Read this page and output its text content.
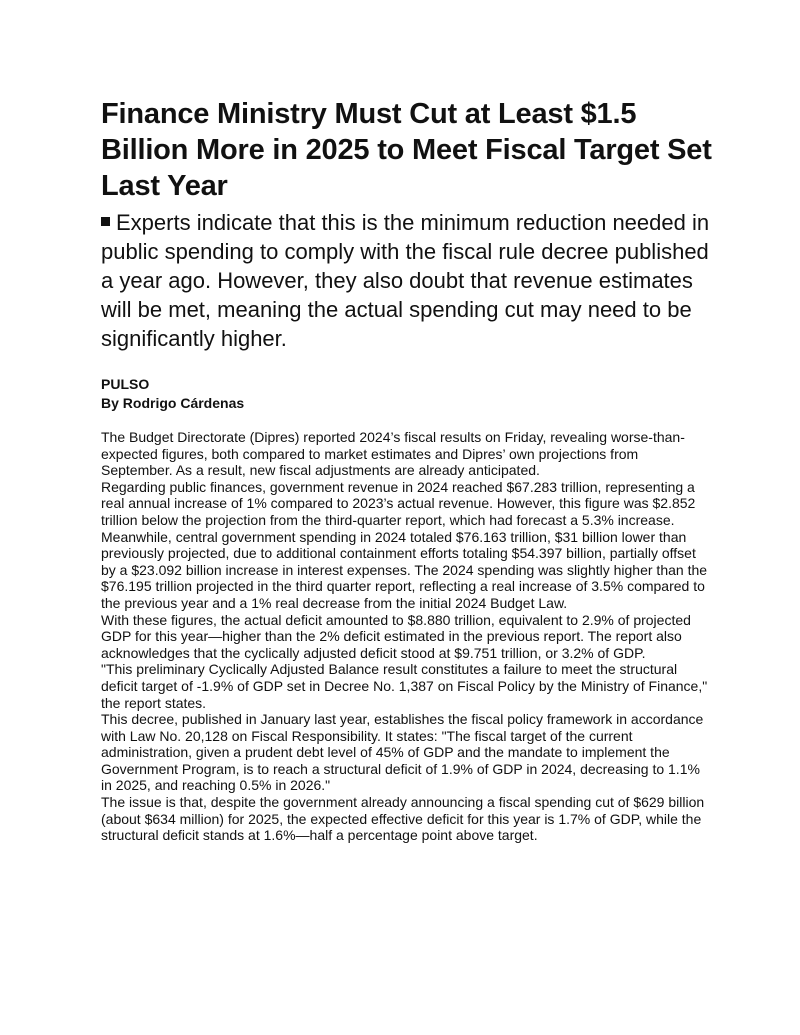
Finance Ministry Must Cut at Least $1.5 Billion More in 2025 to Meet Fiscal Target Set Last Year
Experts indicate that this is the minimum reduction needed in public spending to comply with the fiscal rule decree published a year ago. However, they also doubt that revenue estimates will be met, meaning the actual spending cut may need to be significantly higher.
PULSO
By Rodrigo Cárdenas

The Budget Directorate (Dipres) reported 2024’s fiscal results on Friday, revealing worse-than-expected figures, both compared to market estimates and Dipres’ own projections from September. As a result, new fiscal adjustments are already anticipated.

Regarding public finances, government revenue in 2024 reached $67.283 trillion, representing a real annual increase of 1% compared to 2023’s actual revenue. However, this figure was $2.852 trillion below the projection from the third-quarter report, which had forecast a 5.3% increase.

Meanwhile, central government spending in 2024 totaled $76.163 trillion, $31 billion lower than previously projected, due to additional containment efforts totaling $54.397 billion, partially offset by a $23.092 billion increase in interest expenses. The 2024 spending was slightly higher than the $76.195 trillion projected in the third quarter report, reflecting a real increase of 3.5% compared to the previous year and a 1% real decrease from the initial 2024 Budget Law.

With these figures, the actual deficit amounted to $8.880 trillion, equivalent to 2.9% of projected GDP for this year—higher than the 2% deficit estimated in the previous report. The report also acknowledges that the cyclically adjusted deficit stood at $9.751 trillion, or 3.2% of GDP.

"This preliminary Cyclically Adjusted Balance result constitutes a failure to meet the structural deficit target of -1.9% of GDP set in Decree No. 1,387 on Fiscal Policy by the Ministry of Finance," the report states.

This decree, published in January last year, establishes the fiscal policy framework in accordance with Law No. 20,128 on Fiscal Responsibility. It states: "The fiscal target of the current administration, given a prudent debt level of 45% of GDP and the mandate to implement the Government Program, is to reach a structural deficit of 1.9% of GDP in 2024, decreasing to 1.1% in 2025, and reaching 0.5% in 2026."

The issue is that, despite the government already announcing a fiscal spending cut of $629 billion (about $634 million) for 2025, the expected effective deficit for this year is 1.7% of GDP, while the structural deficit stands at 1.6%—half a percentage point above target.
